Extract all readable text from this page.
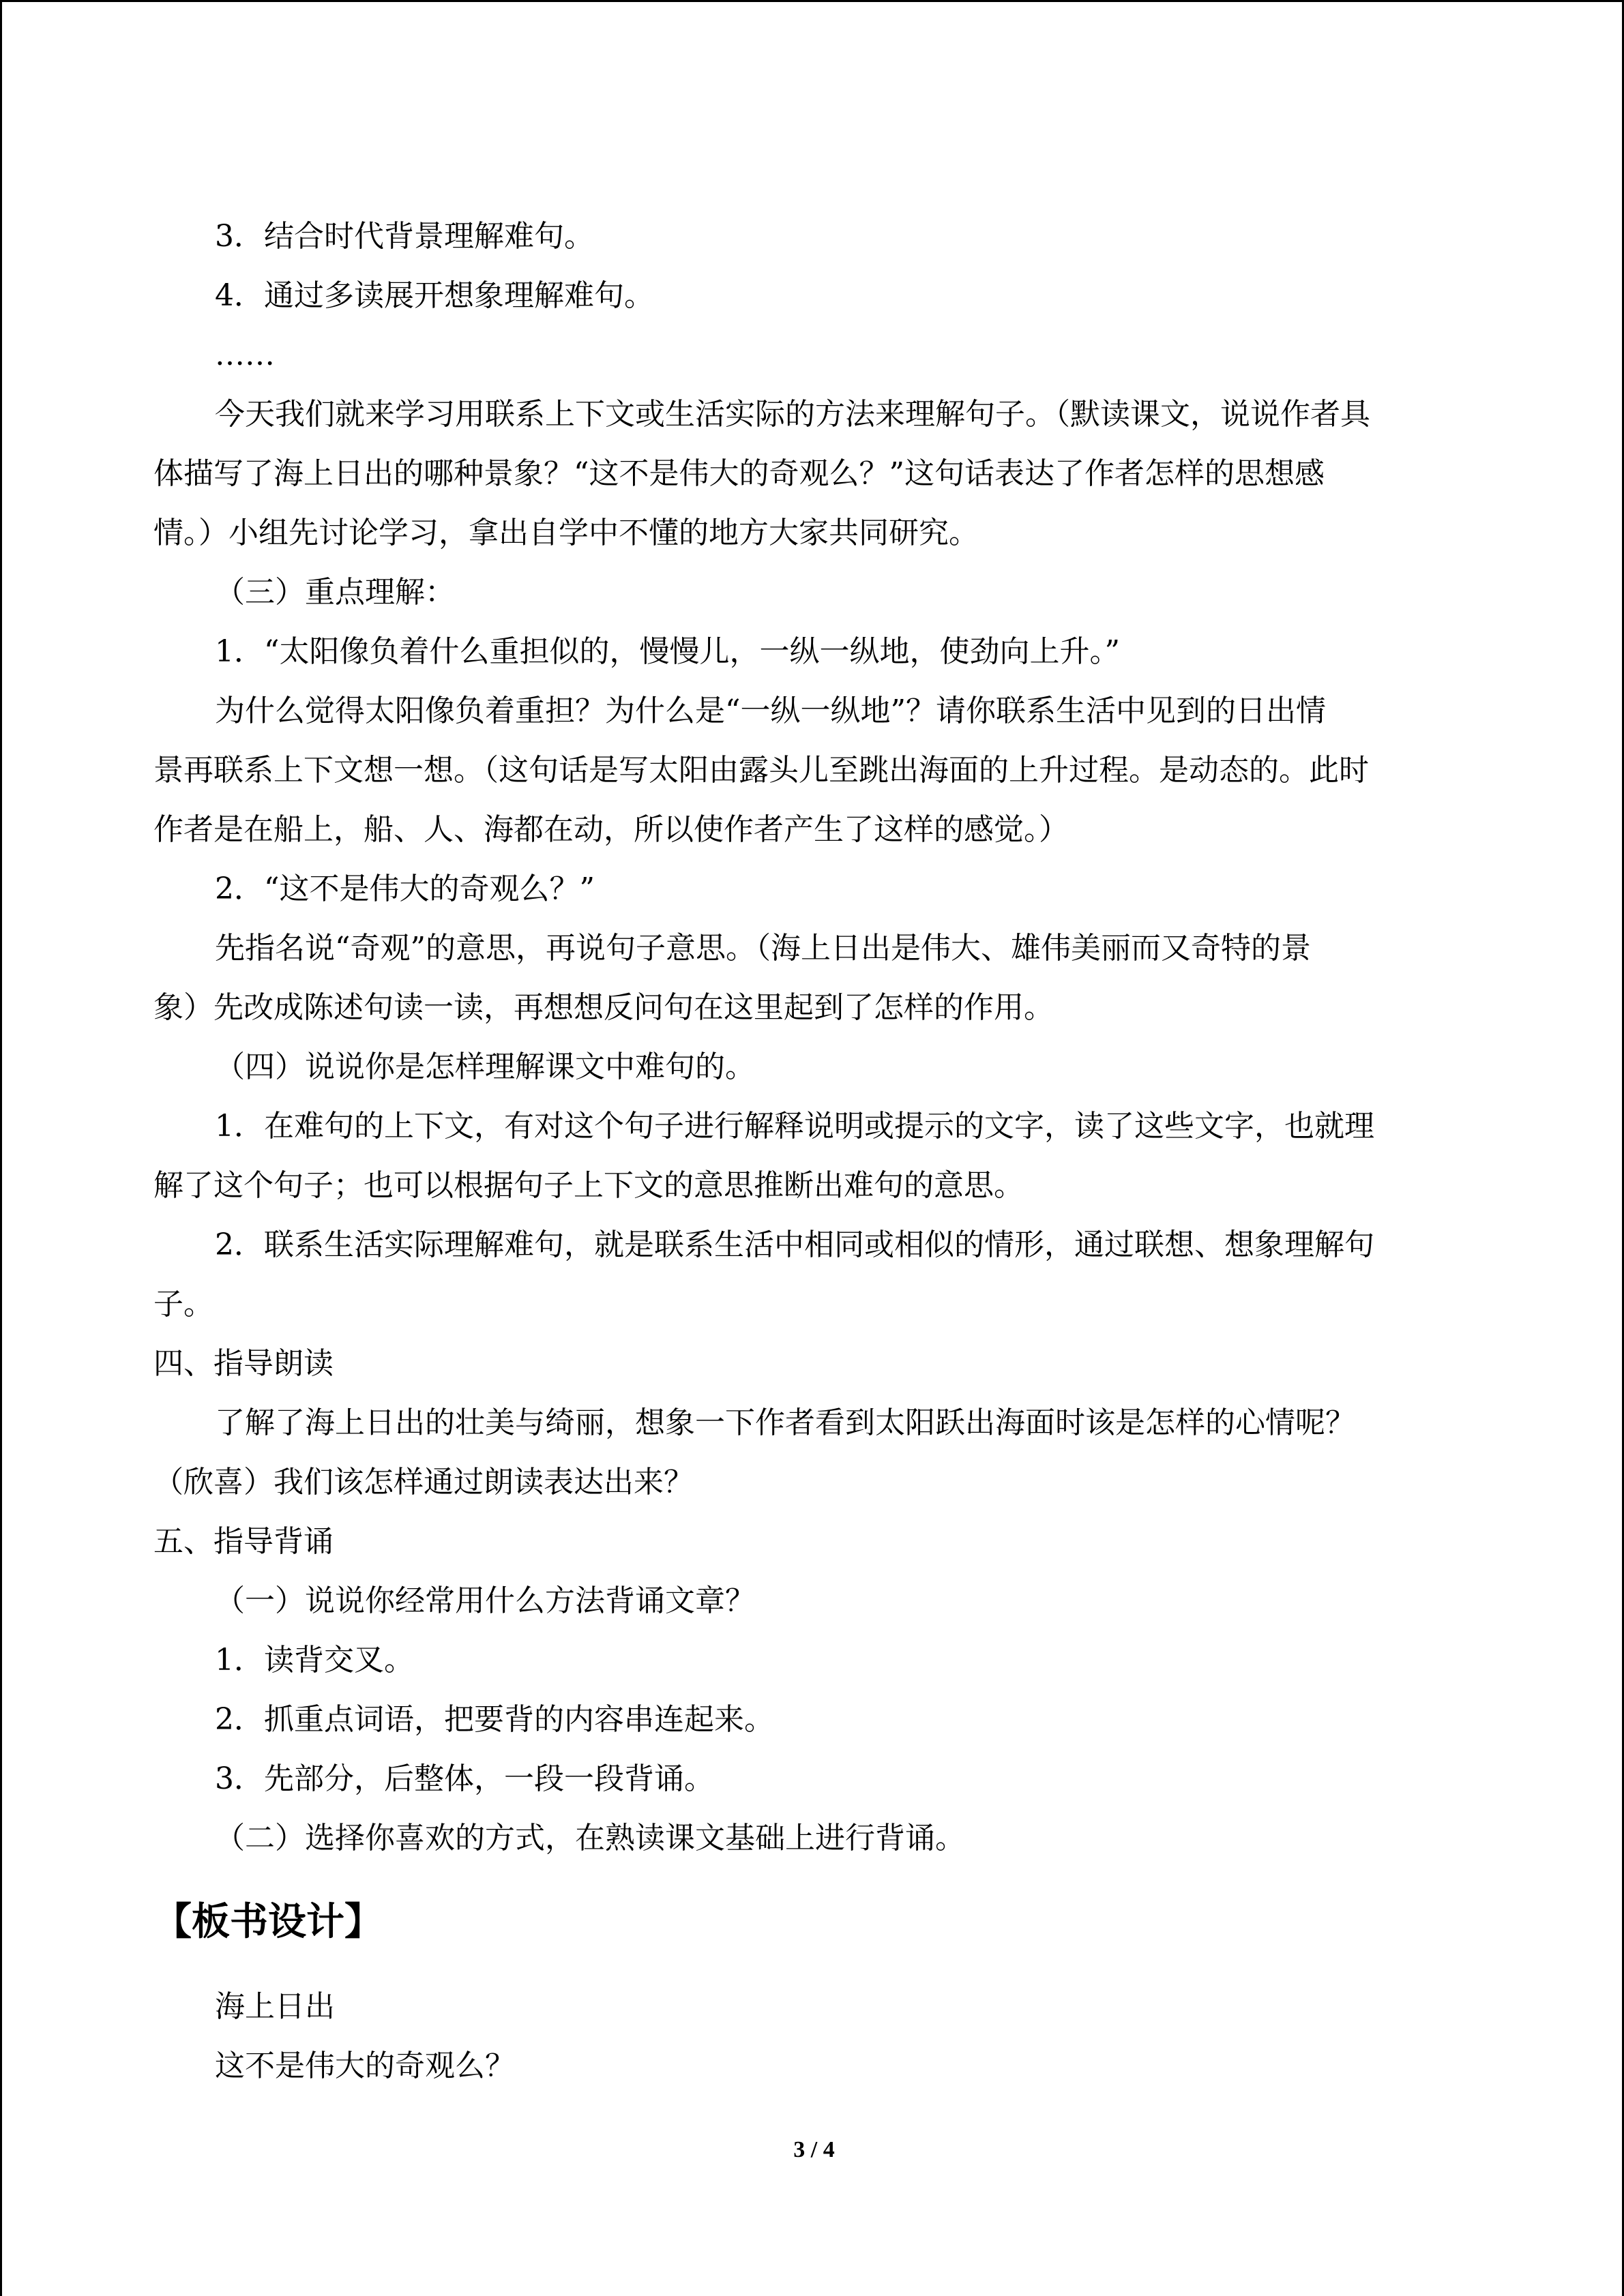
3．结合时代背景理解难句。
4．通过多读展开想象理解难句。
……
今天我们就来学习用联系上下文或生活实际的方法来理解句子。（默读课文，说说作者具
体描写了海上日出的哪种景象？“这不是伟大的奇观么？”这句话表达了作者怎样的思想感
情。）小组先讨论学习，拿出自学中不懂的地方大家共同研究。
（三）重点理解：
1．“太阳像负着什么重担似的，慢慢儿，一纵一纵地，使劲向上升。”
为什么觉得太阳像负着重担？为什么是“一纵一纵地”？请你联系生活中见到的日出情
景再联系上下文想一想。（这句话是写太阳由露头儿至跳出海面的上升过程。是动态的。此时
作者是在船上，船、人、海都在动，所以使作者产生了这样的感觉。）
2．“这不是伟大的奇观么？”
先指名说“奇观”的意思，再说句子意思。（海上日出是伟大、雄伟美丽而又奇特的景
象）先改成陈述句读一读，再想想反问句在这里起到了怎样的作用。
（四）说说你是怎样理解课文中难句的。
1．在难句的上下文，有对这个句子进行解释说明或提示的文字，读了这些文字，也就理
解了这个句子；也可以根据句子上下文的意思推断出难句的意思。
2．联系生活实际理解难句，就是联系生活中相同或相似的情形，通过联想、想象理解句
子。
四、指导朗读
了解了海上日出的壮美与绮丽，想象一下作者看到太阳跃出海面时该是怎样的心情呢？
（欣喜）我们该怎样通过朗读表达出来？
五、指导背诵
（一）说说你经常用什么方法背诵文章？
1．读背交叉。
2．抓重点词语，把要背的内容串连起来。
3．先部分，后整体，一段一段背诵。
（二）选择你喜欢的方式，在熟读课文基础上进行背诵。
【板书设计】
海上日出
这不是伟大的奇观么？
3 / 4
